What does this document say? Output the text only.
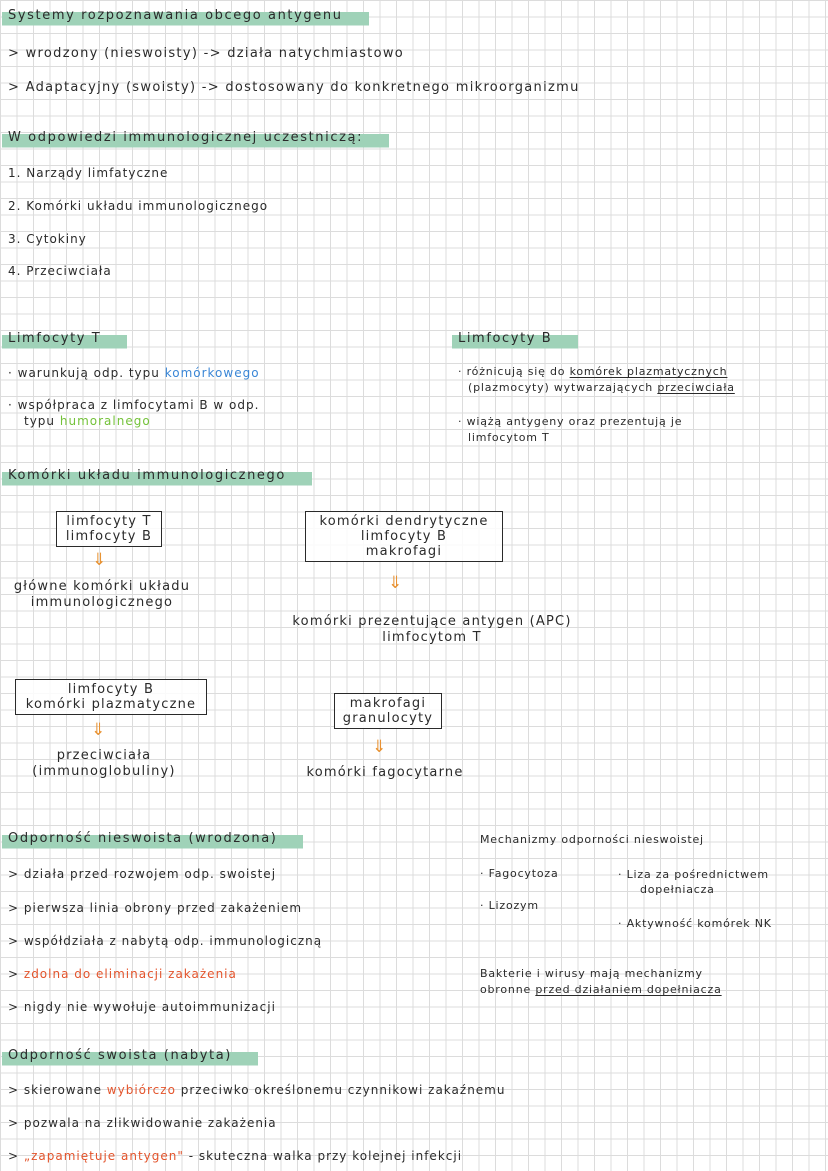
Systemy rozpoznawania obcego antygenu
> wrodzony (nieswoisty) -> działa natychmiastowo
> Adaptacyjny (swoisty) -> dostosowany do konkretnego mikroorganizmu
W odpowiedzi immunologicznej uczestniczą:
1. Narządy limfatyczne
2. Komórki układu immunologicznego
3. Cytokiny
4. Przeciwciała
Limfocyty T
· warunkują odp. typu komórkowego
· współpraca z limfocytami B w odp.
typu humoralnego
Limfocyty B
· różnicują się do komórek plazmatycznych
(plazmocyty) wytwarzających przeciwciała
· wiążą antygeny oraz prezentują je
limfocytom T
Komórki układu immunologicznego
limfocyty T
limfocyty B
⇓
główne komórki układu
immunologicznego
komórki dendrytyczne
limfocyty B
makrofagi
⇓
komórki prezentujące antygen (APC)
limfocytom T
limfocyty B
komórki plazmatyczne
⇓
przeciwciała
(immunoglobuliny)
makrofagi
granulocyty
⇓
komórki fagocytarne
Odporność nieswoista (wrodzona)
> działa przed rozwojem odp. swoistej
> pierwsza linia obrony przed zakażeniem
> współdziała z nabytą odp. immunologiczną
> zdolna do eliminacji zakażenia
> nigdy nie wywołuje autoimmunizacji
Mechanizmy odporności nieswoistej
· Fagocytoza
· Lizozym
· Liza za pośrednictwem
dopełniacza
· Aktywność komórek NK
Bakterie i wirusy mają mechanizmy
obronne przed działaniem dopełniacza
Odporność swoista (nabyta)
> skierowane wybiórczo przeciwko określonemu czynnikowi zakaźnemu
> pozwala na zlikwidowanie zakażenia
> „zapamiętuje antygen" - skuteczna walka przy kolejnej infekcji
